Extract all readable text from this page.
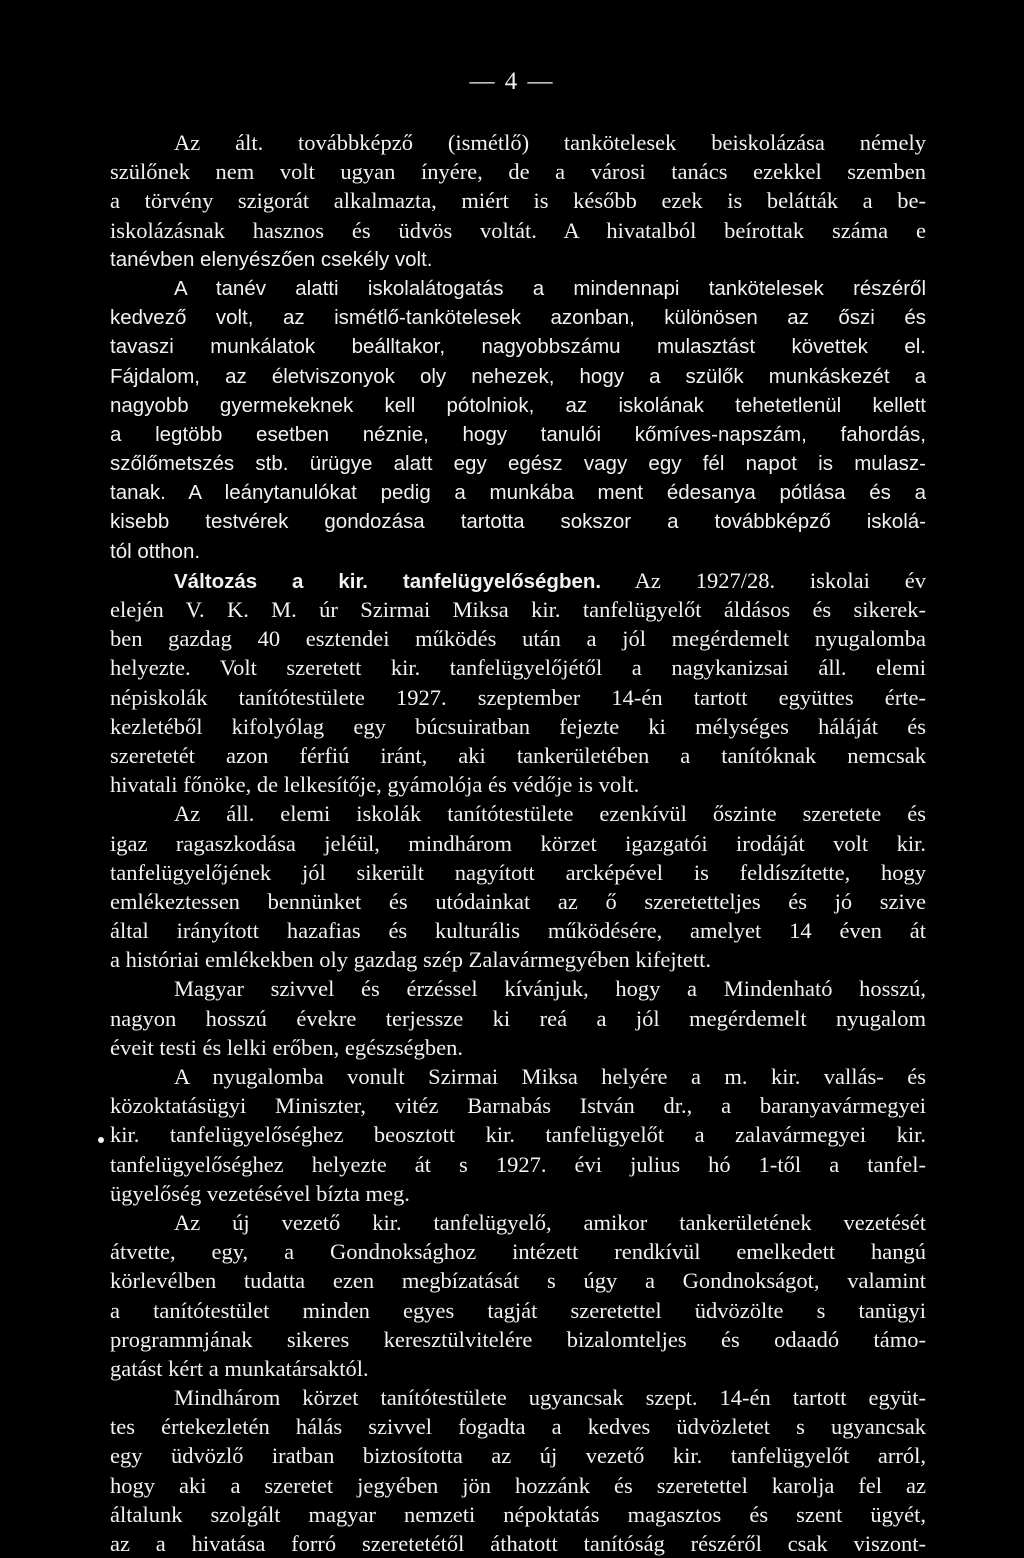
— 4 —
Az ált. továbbképző (ismétlő) tankötelesek beiskolázása némely
szülőnek nem volt ugyan ínyére, de a városi tanács ezekkel szemben
a törvény szigorát alkalmazta, miért is később ezek is belátták a be-
iskolázásnak hasznos és üdvös voltát. A hivatalból beírottak száma e
tanévben elenyészően csekély volt.
A tanév alatti iskolalátogatás a mindennapi tankötelesek részéről
kedvező volt, az ismétlő-tankötelesek azonban, különösen az őszi és
tavaszi munkálatok beálltakor, nagyobbszámu mulasztást követtek el.
Fájdalom, az életviszonyok oly nehezek, hogy a szülők munkáskezét a
nagyobb gyermekeknek kell pótolniok, az iskolának tehetetlenül kellett
a legtöbb esetben néznie, hogy tanulói kőmíves-napszám, fahordás,
szőlőmetszés stb. ürügye alatt egy egész vagy egy fél napot is mulasz-
tanak. A leánytanulókat pedig a munkába ment édesanya pótlása és a
kisebb testvérek gondozása tartotta sokszor a továbbképző iskolá-
tól otthon.
Változás a kir. tanfelügyelőségben. Az 1927/28. iskolai év
elején V. K. M. úr Szirmai Miksa kir. tanfelügyelőt áldásos és sikerek-
ben gazdag 40 esztendei működés után a jól megérdemelt nyugalomba
helyezte. Volt szeretett kir. tanfelügyelőjétől a nagykanizsai áll. elemi
népiskolák tanítótestülete 1927. szeptember 14-én tartott együttes érte-
kezletéből kifolyólag egy búcsuiratban fejezte ki mélységes háláját és
szeretetét azon férfiú iránt, aki tankerületében a tanítóknak nemcsak
hivatali főnöke, de lelkesítője, gyámolója és védője is volt.
Az áll. elemi iskolák tanítótestülete ezenkívül őszinte szeretete és
igaz ragaszkodása jeléül, mindhárom körzet igazgatói irodáját volt kir.
tanfelügyelőjének jól sikerült nagyított arcképével is feldíszítette, hogy
emlékeztessen bennünket és utódainkat az ő szeretetteljes és jó szive
által irányított hazafias és kulturális működésére, amelyet 14 éven át
a históriai emlékekben oly gazdag szép Zalavármegyében kifejtett.
Magyar szivvel és érzéssel kívánjuk, hogy a Mindenható hosszú,
nagyon hosszú évekre terjessze ki reá a jól megérdemelt nyugalom
éveit testi és lelki erőben, egészségben.
A nyugalomba vonult Szirmai Miksa helyére a m. kir. vallás- és
közoktatásügyi Miniszter, vitéz Barnabás István dr., a baranyavármegyei
kir. tanfelügyelőséghez beosztott kir. tanfelügyelőt a zalavármegyei kir.
tanfelügyelőséghez helyezte át s 1927. évi julius hó 1-től a tanfel-
ügyelőség vezetésével bízta meg.
Az új vezető kir. tanfelügyelő, amikor tankerületének vezetését
átvette, egy, a Gondnoksághoz intézett rendkívül emelkedett hangú
körlevélben tudatta ezen megbízatását s úgy a Gondnokságot, valamint
a tanítótestület minden egyes tagját szeretettel üdvözölte s tanügyi
programmjának sikeres keresztülvitelére bizalomteljes és odaadó támo-
gatást kért a munkatársaktól.
Mindhárom körzet tanítótestülete ugyancsak szept. 14-én tartott együt-
tes értekezletén hálás szivvel fogadta a kedves üdvözletet s ugyancsak
egy üdvözlő iratban biztosította az új vezető kir. tanfelügyelőt arról,
hogy aki a szeretet jegyében jön hozzánk és szeretettel karolja fel az
általunk szolgált magyar nemzeti népoktatás magasztos és szent ügyét,
az a hivatása forró szeretetétől áthatott tanítóság részéről csak viszont-
